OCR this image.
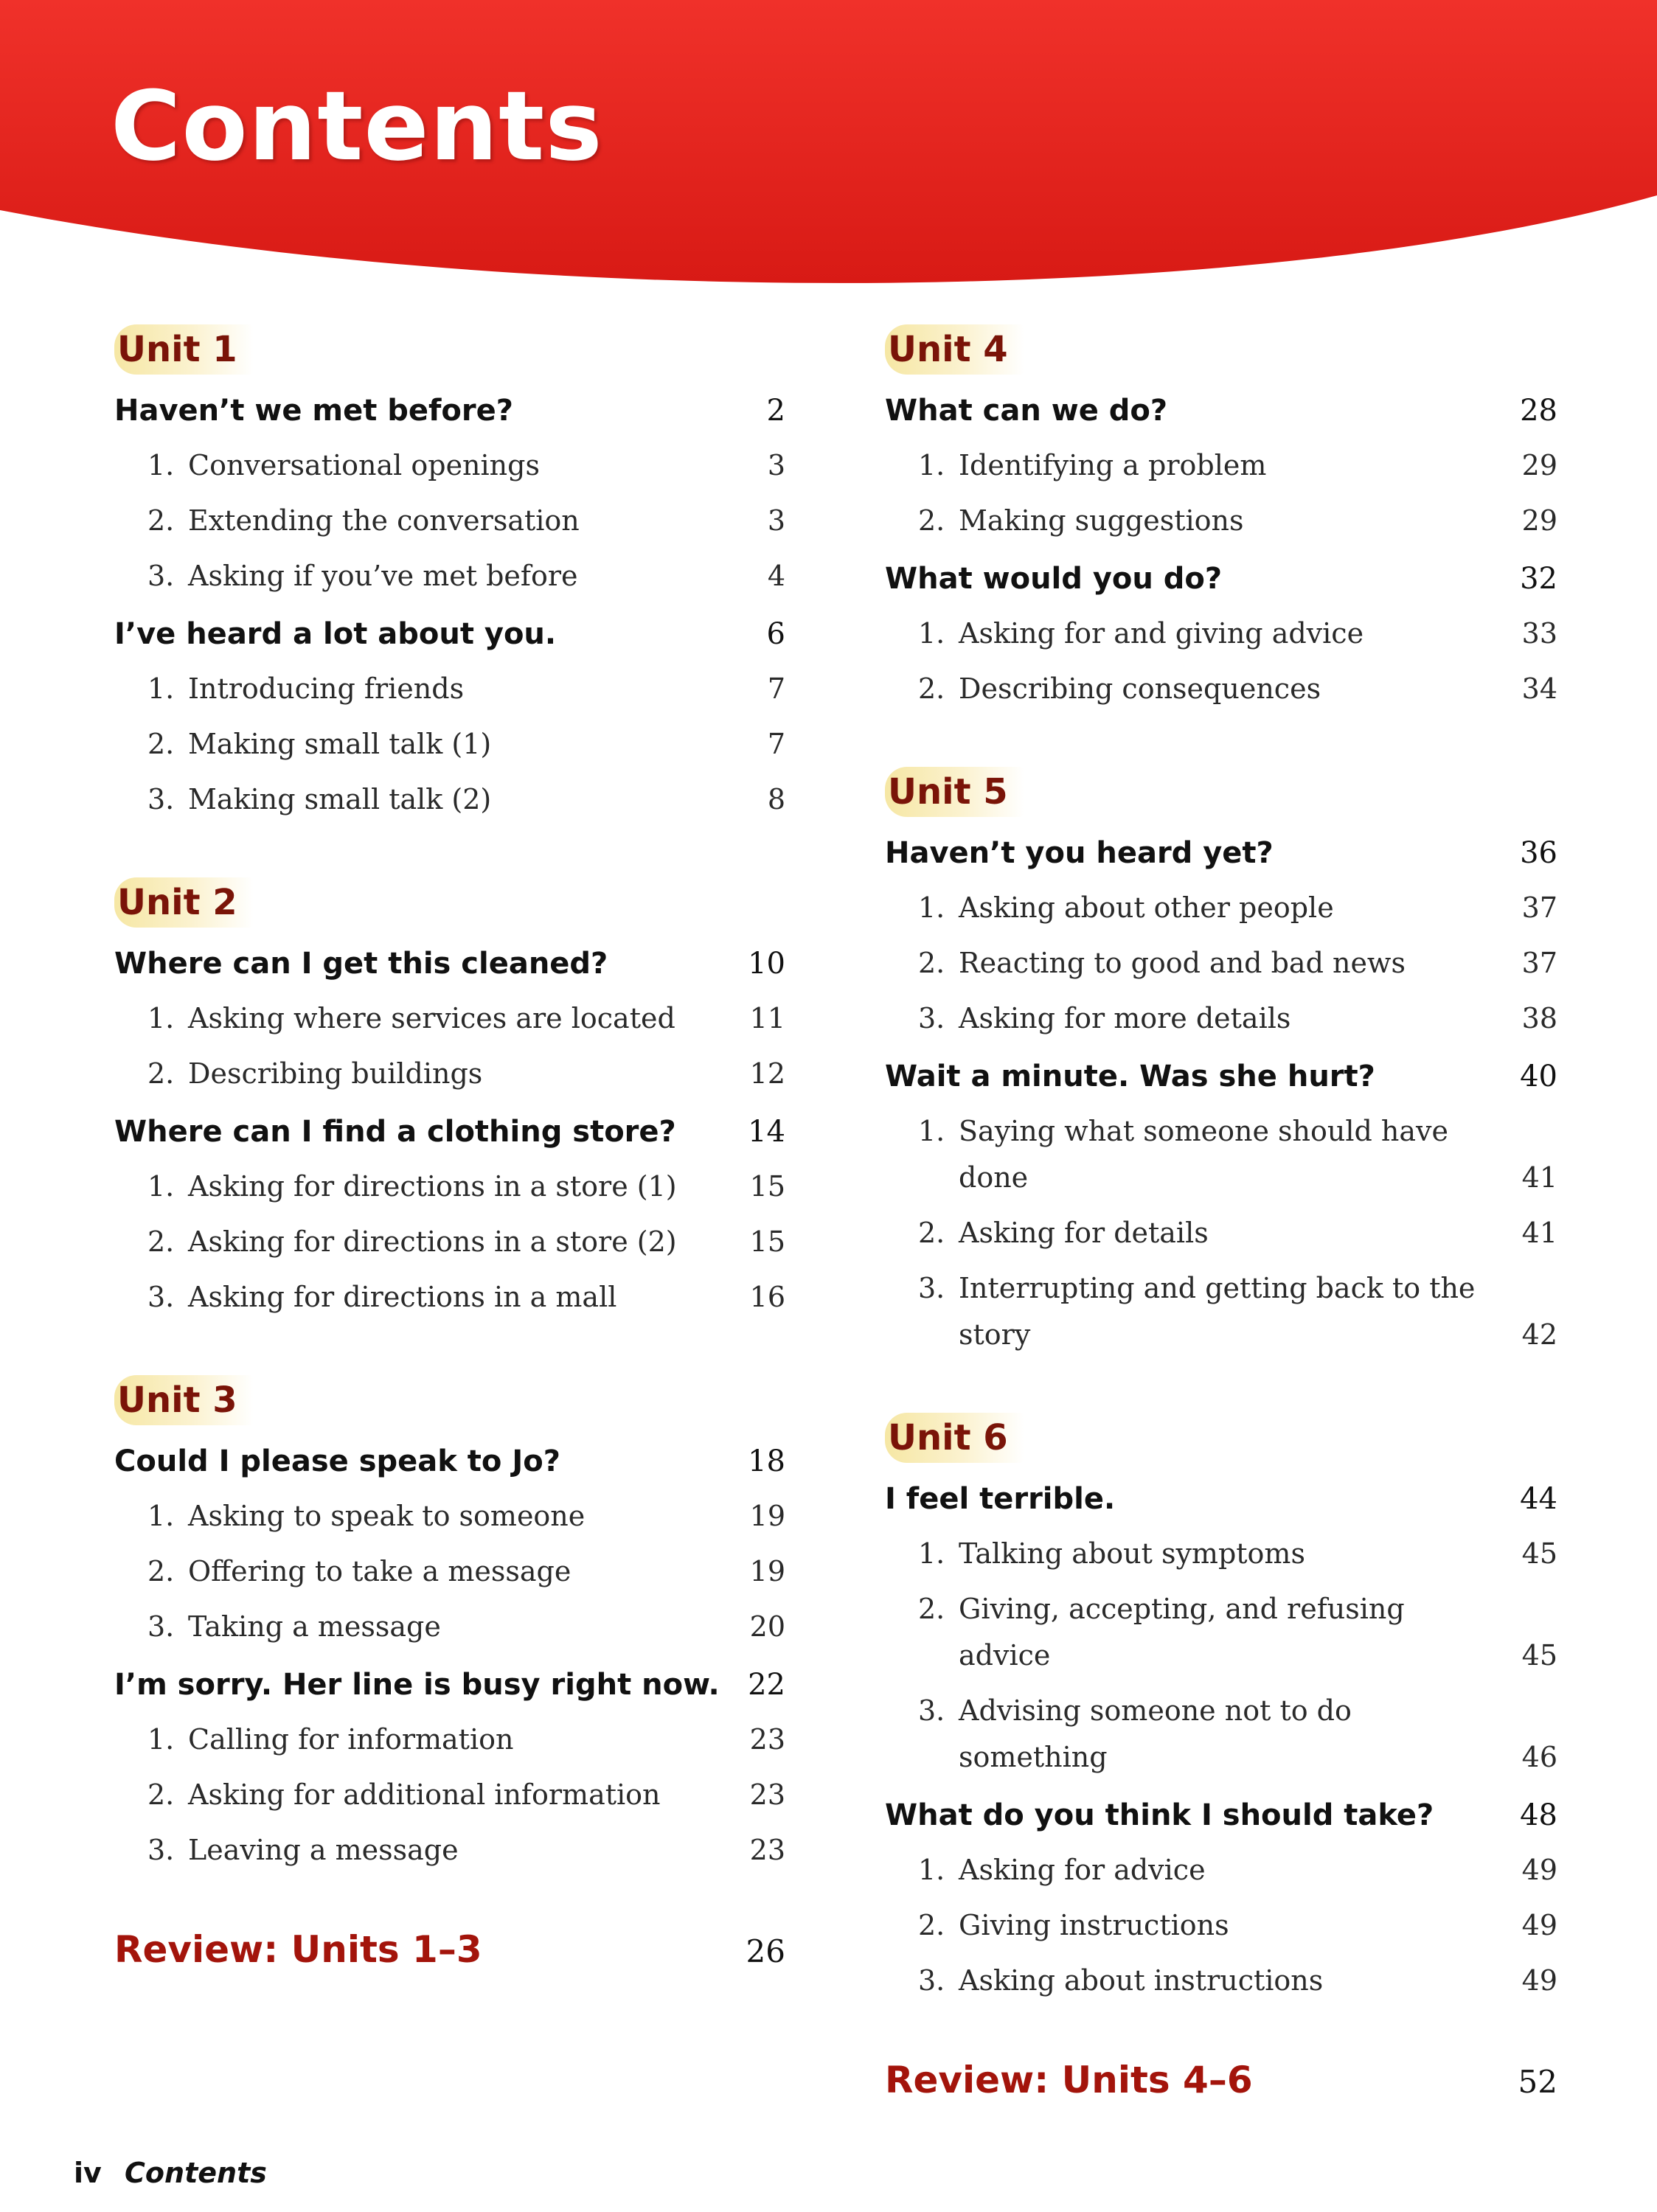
Contents
Unit 1
Haven’t we met before?	2
1. Conversational openings	3
2. Extending the conversation	3
3. Asking if you’ve met before	4
I’ve heard a lot about you.	6
1. Introducing friends	7
2. Making small talk (1)	7
3. Making small talk (2)	8
Unit 2
Where can I get this cleaned?	10
1. Asking where services are located	11
2. Describing buildings	12
Where can I find a clothing store? 14
1. Asking for directions in a store (1)	15
2. Asking for directions in a store (2)	15
3. Asking for directions in a mall	16
Unit 3
Could I please speak to Jo?	18
1. Asking to speak to someone	19
2. Offering to take a message	19
3. Taking a message	20
I’m sorry. Her line is busy right now. 22
1. Calling for information	23
2. Asking for additional information	23
3. Leaving a message	23
Review: Units 1–3	26
Unit 4
What can we do?	28
1. Identifying a problem	29
2. Making suggestions	29
What would you do?	32
1. Asking for and giving advice	33
2. Describing consequences	34
Unit 5
Haven’t you heard yet?	36
1. Asking about other people	37
2. Reacting to good and bad news	37
3. Asking for more details	38
Wait a minute. Was she hurt?	40
1. Saying what someone should have done	41
2. Asking for details	41
3. Interrupting and getting back to the story	42
Unit 6
I feel terrible.	44
1. Talking about symptoms	45
2. Giving, accepting, and refusing advice	45
3. Advising someone not to do something	46
What do you think I should take?	48
1. Asking for advice	49
2. Giving instructions	49
3. Asking about instructions	49
Review: Units 4–6	52
iv Contents
